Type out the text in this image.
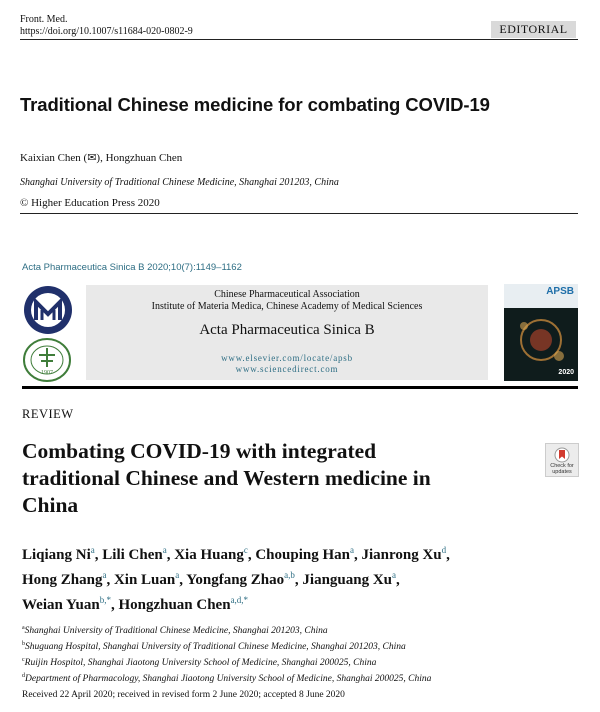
Front. Med.
https://doi.org/10.1007/s11684-020-0802-9	EDITORIAL
Traditional Chinese medicine for combating COVID-19
Kaixian Chen (✉), Hongzhuan Chen
Shanghai University of Traditional Chinese Medicine, Shanghai 201203, China
© Higher Education Press 2020
Acta Pharmaceutica Sinica B 2020;10(7):1149–1162
1907
Chinese Pharmaceutical Association
Institute of Materia Medica, Chinese Academy of Medical Sciences
Acta Pharmaceutica Sinica B
www.elsevier.com/locate/apsb
www.sciencedirect.com
APSB
2020
REVIEW
Combating COVID-19 with integrated
traditional Chinese and Western medicine in
China
Check for
updates
Liqiang Ni$^a$, Lili Chen$^a$, Xia Huang$^c$, Chouping Han$^a$, Jianrong Xu$^d$,
Hong Zhang$^a$, Xin Luan$^a$, Yongfang Zhao$^{a,b}$, Jianguang Xu$^a$,
Weian Yuan$^{b,*}$, Hongzhuan Chen$^{a,d,*}$
$^a$Shanghai University of Traditional Chinese Medicine, Shanghai 201203, China
$^b$Shuguang Hospital, Shanghai University of Traditional Chinese Medicine, Shanghai 201203, China
$^c$Ruijin Hospitol, Shanghai Jiaotong University School of Medicine, Shanghai 200025, China
$^d$Department of Pharmacology, Shanghai Jiaotong University School of Medicine, Shanghai 200025, China
Received 22 April 2020; received in revised form 2 June 2020; accepted 8 June 2020
